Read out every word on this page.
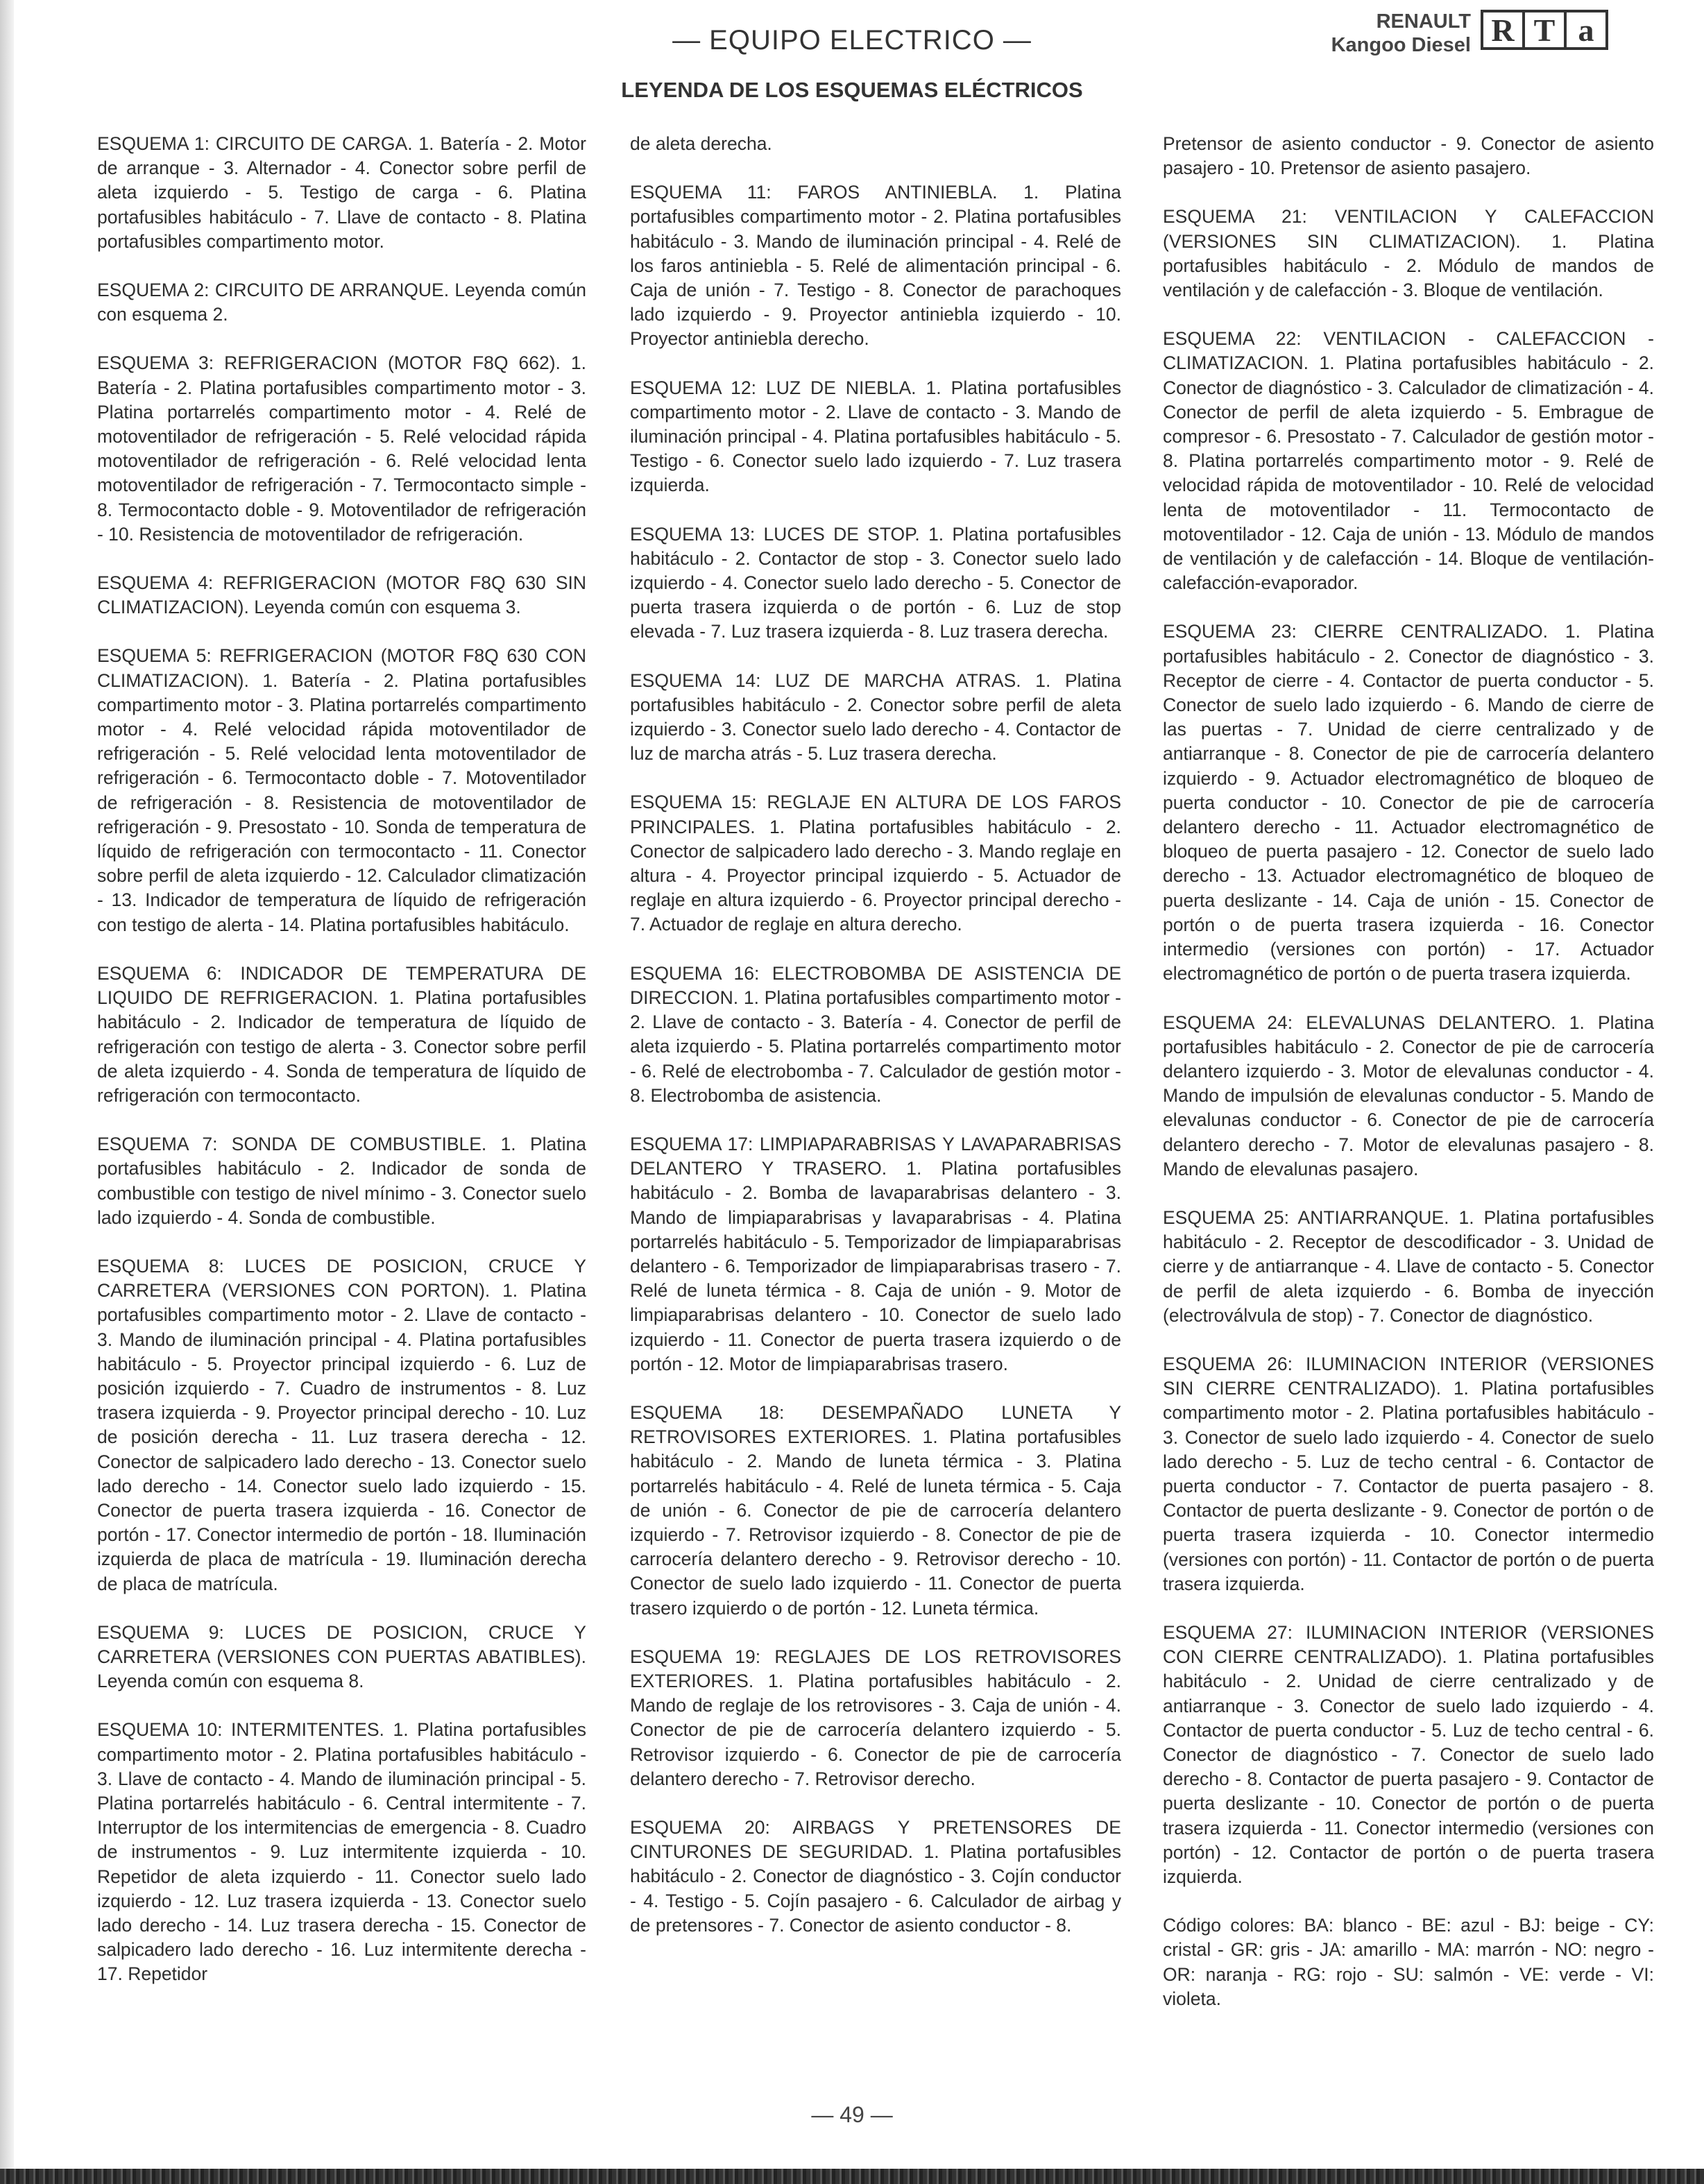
— EQUIPO ELECTRICO —
RENAULT
Kangoo Diesel R T a
LEYENDA DE LOS ESQUEMAS ELÉCTRICOS

ESQUEMA 1: CIRCUITO DE CARGA. 1. Batería - 2. Motor de arranque - 3. Alternador - 4. Conector sobre perfil de aleta izquierdo - 5. Testigo de carga - 6. Platina portafusibles habitáculo - 7. Llave de contacto - 8. Platina portafusibles compartimento motor.

ESQUEMA 2: CIRCUITO DE ARRANQUE. Leyenda común con esquema 2.

ESQUEMA 3: REFRIGERACION (MOTOR F8Q 662). 1. Batería - 2. Platina portafusibles compartimento motor - 3. Platina portarrelés compartimento motor - 4. Relé de motoventilador de refrigeración - 5. Relé velocidad rápida motoventilador de refrigeración - 6. Relé velocidad lenta motoventilador de refrigeración - 7. Termocontacto simple - 8. Termocontacto doble - 9. Motoventilador de refrigeración - 10. Resistencia de motoventilador de refrigeración.

ESQUEMA 4: REFRIGERACION (MOTOR F8Q 630 SIN CLIMATIZACION). Leyenda común con esquema 3.

ESQUEMA 5: REFRIGERACION (MOTOR F8Q 630 CON CLIMATIZACION). 1. Batería - 2. Platina portafusibles compartimento motor - 3. Platina portarrelés compartimento motor - 4. Relé velocidad rápida motoventilador de refrigeración - 5. Relé velocidad lenta motoventilador de refrigeración - 6. Termocontacto doble - 7. Motoventilador de refrigeración - 8. Resistencia de motoventilador de refrigeración - 9. Presostato - 10. Sonda de temperatura de líquido de refrigeración con termocontacto - 11. Conector sobre perfil de aleta izquierdo - 12. Calculador climatización - 13. Indicador de temperatura de líquido de refrigeración con testigo de alerta - 14. Platina portafusibles habitáculo.

ESQUEMA 6: INDICADOR DE TEMPERATURA DE LIQUIDO DE REFRIGERACION. 1. Platina portafusibles habitáculo - 2. Indicador de temperatura de líquido de refrigeración con testigo de alerta - 3. Conector sobre perfil de aleta izquierdo - 4. Sonda de temperatura de líquido de refrigeración con termocontacto.

ESQUEMA 7: SONDA DE COMBUSTIBLE. 1. Platina portafusibles habitáculo - 2. Indicador de sonda de combustible con testigo de nivel mínimo - 3. Conector suelo lado izquierdo - 4. Sonda de combustible.

ESQUEMA 8: LUCES DE POSICION, CRUCE Y CARRETERA (VERSIONES CON PORTON). 1. Platina portafusibles compartimento motor - 2. Llave de contacto - 3. Mando de iluminación principal - 4. Platina portafusibles habitáculo - 5. Proyector principal izquierdo - 6. Luz de posición izquierdo - 7. Cuadro de instrumentos - 8. Luz trasera izquierda - 9. Proyector principal derecho - 10. Luz de posición derecha - 11. Luz trasera derecha - 12. Conector de salpicadero lado derecho - 13. Conector suelo lado derecho - 14. Conector suelo lado izquierdo - 15. Conector de puerta trasera izquierda - 16. Conector de portón - 17. Conector intermedio de portón - 18. Iluminación izquierda de placa de matrícula - 19. Iluminación derecha de placa de matrícula.

ESQUEMA 9: LUCES DE POSICION, CRUCE Y CARRETERA (VERSIONES CON PUERTAS ABATIBLES). Leyenda común con esquema 8.

ESQUEMA 10: INTERMITENTES. 1. Platina portafusibles compartimento motor - 2. Platina portafusibles habitáculo - 3. Llave de contacto - 4. Mando de iluminación principal - 5. Platina portarrelés habitáculo - 6. Central intermitente - 7. Interruptor de los intermitencias de emergencia - 8. Cuadro de instrumentos - 9. Luz intermitente izquierda - 10. Repetidor de aleta izquierdo - 11. Conector suelo lado izquierdo - 12. Luz trasera izquierda - 13. Conector suelo lado derecho - 14. Luz trasera derecha - 15. Conector de salpicadero lado derecho - 16. Luz intermitente derecha - 17. Repetidor

de aleta derecha.

ESQUEMA 11: FAROS ANTINIEBLA. 1. Platina portafusibles compartimento motor - 2. Platina portafusibles habitáculo - 3. Mando de iluminación principal - 4. Relé de los faros antiniebla - 5. Relé de alimentación principal - 6. Caja de unión - 7. Testigo - 8. Conector de parachoques lado izquierdo - 9. Proyector antiniebla izquierdo - 10. Proyector antiniebla derecho.

ESQUEMA 12: LUZ DE NIEBLA. 1. Platina portafusibles compartimento motor - 2. Llave de contacto - 3. Mando de iluminación principal - 4. Platina portafusibles habitáculo - 5. Testigo - 6. Conector suelo lado izquierdo - 7. Luz trasera izquierda.

ESQUEMA 13: LUCES DE STOP. 1. Platina portafusibles habitáculo - 2. Contactor de stop - 3. Conector suelo lado izquierdo - 4. Conector suelo lado derecho - 5. Conector de puerta trasera izquierda o de portón - 6. Luz de stop elevada - 7. Luz trasera izquierda - 8. Luz trasera derecha.

ESQUEMA 14: LUZ DE MARCHA ATRAS. 1. Platina portafusibles habitáculo - 2. Conector sobre perfil de aleta izquierdo - 3. Conector suelo lado derecho - 4. Contactor de luz de marcha atrás - 5. Luz trasera derecha.

ESQUEMA 15: REGLAJE EN ALTURA DE LOS FAROS PRINCIPALES. 1. Platina portafusibles habitáculo - 2. Conector de salpicadero lado derecho - 3. Mando reglaje en altura - 4. Proyector principal izquierdo - 5. Actuador de reglaje en altura izquierdo - 6. Proyector principal derecho - 7. Actuador de reglaje en altura derecho.

ESQUEMA 16: ELECTROBOMBA DE ASISTENCIA DE DIRECCION. 1. Platina portafusibles compartimento motor - 2. Llave de contacto - 3. Batería - 4. Conector de perfil de aleta izquierdo - 5. Platina portarrelés compartimento motor - 6. Relé de electrobomba - 7. Calculador de gestión motor - 8. Electrobomba de asistencia.

ESQUEMA 17: LIMPIAPARABRISAS Y LAVAPARABRISAS DELANTERO Y TRASERO. 1. Platina portafusibles habitáculo - 2. Bomba de lavaparabrisas delantero - 3. Mando de limpiaparabrisas y lavaparabrisas - 4. Platina portarrelés habitáculo - 5. Temporizador de limpiaparabrisas delantero - 6. Temporizador de limpiaparabrisas trasero - 7. Relé de luneta térmica - 8. Caja de unión - 9. Motor de limpiaparabrisas delantero - 10. Conector de suelo lado izquierdo - 11. Conector de puerta trasera izquierdo o de portón - 12. Motor de limpiaparabrisas trasero.

ESQUEMA 18: DESEMPAÑADO LUNETA Y RETROVISORES EXTERIORES. 1. Platina portafusibles habitáculo - 2. Mando de luneta térmica - 3. Platina portarrelés habitáculo - 4. Relé de luneta térmica - 5. Caja de unión - 6. Conector de pie de carrocería delantero izquierdo - 7. Retrovisor izquierdo - 8. Conector de pie de carrocería delantero derecho - 9. Retrovisor derecho - 10. Conector de suelo lado izquierdo - 11. Conector de puerta trasero izquierdo o de portón - 12. Luneta térmica.

ESQUEMA 19: REGLAJES DE LOS RETROVISORES EXTERIORES. 1. Platina portafusibles habitáculo - 2. Mando de reglaje de los retrovisores - 3. Caja de unión - 4. Conector de pie de carrocería delantero izquierdo - 5. Retrovisor izquierdo - 6. Conector de pie de carrocería delantero derecho - 7. Retrovisor derecho.

ESQUEMA 20: AIRBAGS Y PRETENSORES DE CINTURONES DE SEGURIDAD. 1. Platina portafusibles habitáculo - 2. Conector de diagnóstico - 3. Cojín conductor - 4. Testigo - 5. Cojín pasajero - 6. Calculador de airbag y de pretensores - 7. Conector de asiento conductor - 8.

Pretensor de asiento conductor - 9. Conector de asiento pasajero - 10. Pretensor de asiento pasajero.

ESQUEMA 21: VENTILACION Y CALEFACCION (VERSIONES SIN CLIMATIZACION). 1. Platina portafusibles habitáculo - 2. Módulo de mandos de ventilación y de calefacción - 3. Bloque de ventilación.

ESQUEMA 22: VENTILACION - CALEFACCION - CLIMATIZACION. 1. Platina portafusibles habitáculo - 2. Conector de diagnóstico - 3. Calculador de climatización - 4. Conector de perfil de aleta izquierdo - 5. Embrague de compresor - 6. Presostato - 7. Calculador de gestión motor - 8. Platina portarrelés compartimento motor - 9. Relé de velocidad rápida de motoventilador - 10. Relé de velocidad lenta de motoventilador - 11. Termocontacto de motoventilador - 12. Caja de unión - 13. Módulo de mandos de ventilación y de calefacción - 14. Bloque de ventilación-calefacción-evaporador.

ESQUEMA 23: CIERRE CENTRALIZADO. 1. Platina portafusibles habitáculo - 2. Conector de diagnóstico - 3. Receptor de cierre - 4. Contactor de puerta conductor - 5. Conector de suelo lado izquierdo - 6. Mando de cierre de las puertas - 7. Unidad de cierre centralizado y de antiarranque - 8. Conector de pie de carrocería delantero izquierdo - 9. Actuador electromagnético de bloqueo de puerta conductor - 10. Conector de pie de carrocería delantero derecho - 11. Actuador electromagnético de bloqueo de puerta pasajero - 12. Conector de suelo lado derecho - 13. Actuador electromagnético de bloqueo de puerta deslizante - 14. Caja de unión - 15. Conector de portón o de puerta trasera izquierda - 16. Conector intermedio (versiones con portón) - 17. Actuador electromagnético de portón o de puerta trasera izquierda.

ESQUEMA 24: ELEVALUNAS DELANTERO. 1. Platina portafusibles habitáculo - 2. Conector de pie de carrocería delantero izquierdo - 3. Motor de elevalunas conductor - 4. Mando de impulsión de elevalunas conductor - 5. Mando de elevalunas conductor - 6. Conector de pie de carrocería delantero derecho - 7. Motor de elevalunas pasajero - 8. Mando de elevalunas pasajero.

ESQUEMA 25: ANTIARRANQUE. 1. Platina portafusibles habitáculo - 2. Receptor de descodificador - 3. Unidad de cierre y de antiarranque - 4. Llave de contacto - 5. Conector de perfil de aleta izquierdo - 6. Bomba de inyección (electroválvula de stop) - 7. Conector de diagnóstico.

ESQUEMA 26: ILUMINACION INTERIOR (VERSIONES SIN CIERRE CENTRALIZADO). 1. Platina portafusibles compartimento motor - 2. Platina portafusibles habitáculo - 3. Conector de suelo lado izquierdo - 4. Conector de suelo lado derecho - 5. Luz de techo central - 6. Contactor de puerta conductor - 7. Contactor de puerta pasajero - 8. Contactor de puerta deslizante - 9. Conector de portón o de puerta trasera izquierda - 10. Conector intermedio (versiones con portón) - 11. Contactor de portón o de puerta trasera izquierda.

ESQUEMA 27: ILUMINACION INTERIOR (VERSIONES CON CIERRE CENTRALIZADO). 1. Platina portafusibles habitáculo - 2. Unidad de cierre centralizado y de antiarranque - 3. Conector de suelo lado izquierdo - 4. Contactor de puerta conductor - 5. Luz de techo central - 6. Conector de diagnóstico - 7. Conector de suelo lado derecho - 8. Contactor de puerta pasajero - 9. Contactor de puerta deslizante - 10. Conector de portón o de puerta trasera izquierda - 11. Conector intermedio (versiones con portón) - 12. Contactor de portón o de puerta trasera izquierda.

Código colores: BA: blanco - BE: azul - BJ: beige - CY: cristal - GR: gris - JA: amarillo - MA: marrón - NO: negro - OR: naranja - RG: rojo - SU: salmón - VE: verde - VI: violeta.

— 49 —
